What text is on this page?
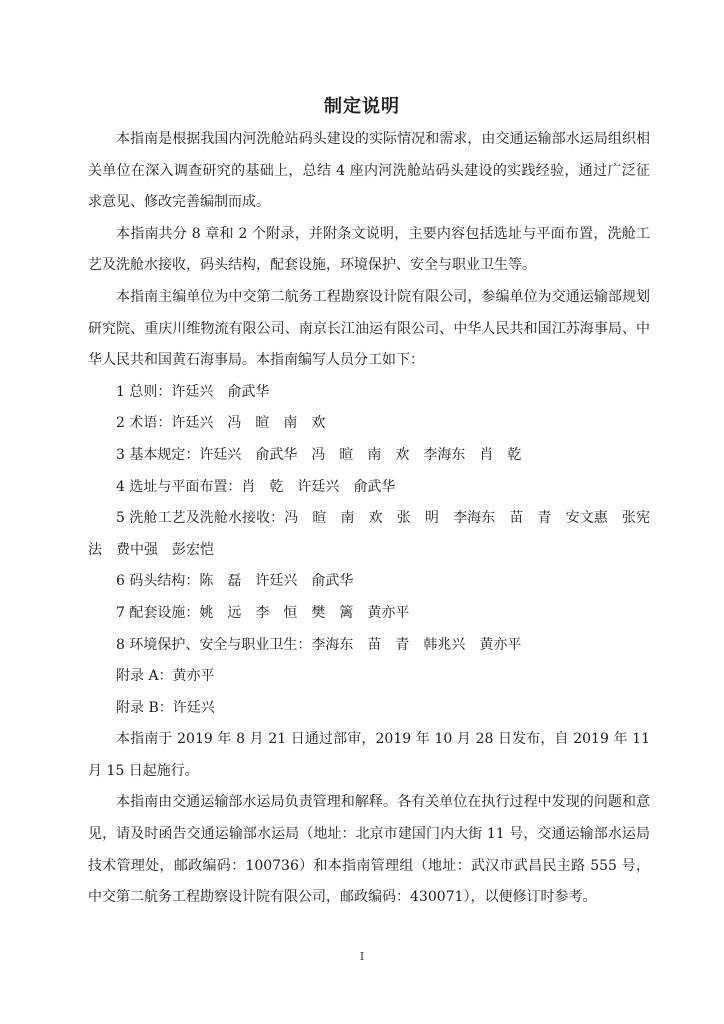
制定说明

本指南是根据我国内河洗舱站码头建设的实际情况和需求，由交通运输部水运局组织相关单位在深入调查研究的基础上，总结 4 座内河洗舱站码头建设的实践经验，通过广泛征求意见、修改完善编制而成。

本指南共分 8 章和 2 个附录，并附条文说明，主要内容包括选址与平面布置，洗舱工艺及洗舱水接收，码头结构，配套设施，环境保护、安全与职业卫生等。

本指南主编单位为中交第二航务工程勘察设计院有限公司，参编单位为交通运输部规划研究院、重庆川维物流有限公司、南京长江油运有限公司、中华人民共和国江苏海事局、中华人民共和国黄石海事局。本指南编写人员分工如下：

1 总则：许廷兴　俞武华

2 术语：许廷兴　冯　暄　南　欢

3 基本规定：许廷兴　俞武华　冯　暄　南　欢　李海东　肖　乾

4 选址与平面布置：肖　乾　许廷兴　俞武华

5 洗舱工艺及洗舱水接收：冯　暄　南　欢　张　明　李海东　苗　青　安文惠　张宪法　费中强　彭宏恺

6 码头结构：陈　磊　许廷兴　俞武华

7 配套设施：姚　远　李　恒　樊　篱　黄亦平

8 环境保护、安全与职业卫生：李海东　苗　青　韩兆兴　黄亦平

附录 A：黄亦平

附录 B：许廷兴

本指南于 2019 年 8 月 21 日通过部审，2019 年 10 月 28 日发布，自 2019 年 11 月 15 日起施行。

本指南由交通运输部水运局负责管理和解释。各有关单位在执行过程中发现的问题和意见，请及时函告交通运输部水运局（地址：北京市建国门内大街 11 号，交通运输部水运局技术管理处，邮政编码：100736）和本指南管理组（地址：武汉市武昌民主路 555 号，中交第二航务工程勘察设计院有限公司，邮政编码：430071），以便修订时参考。

I
